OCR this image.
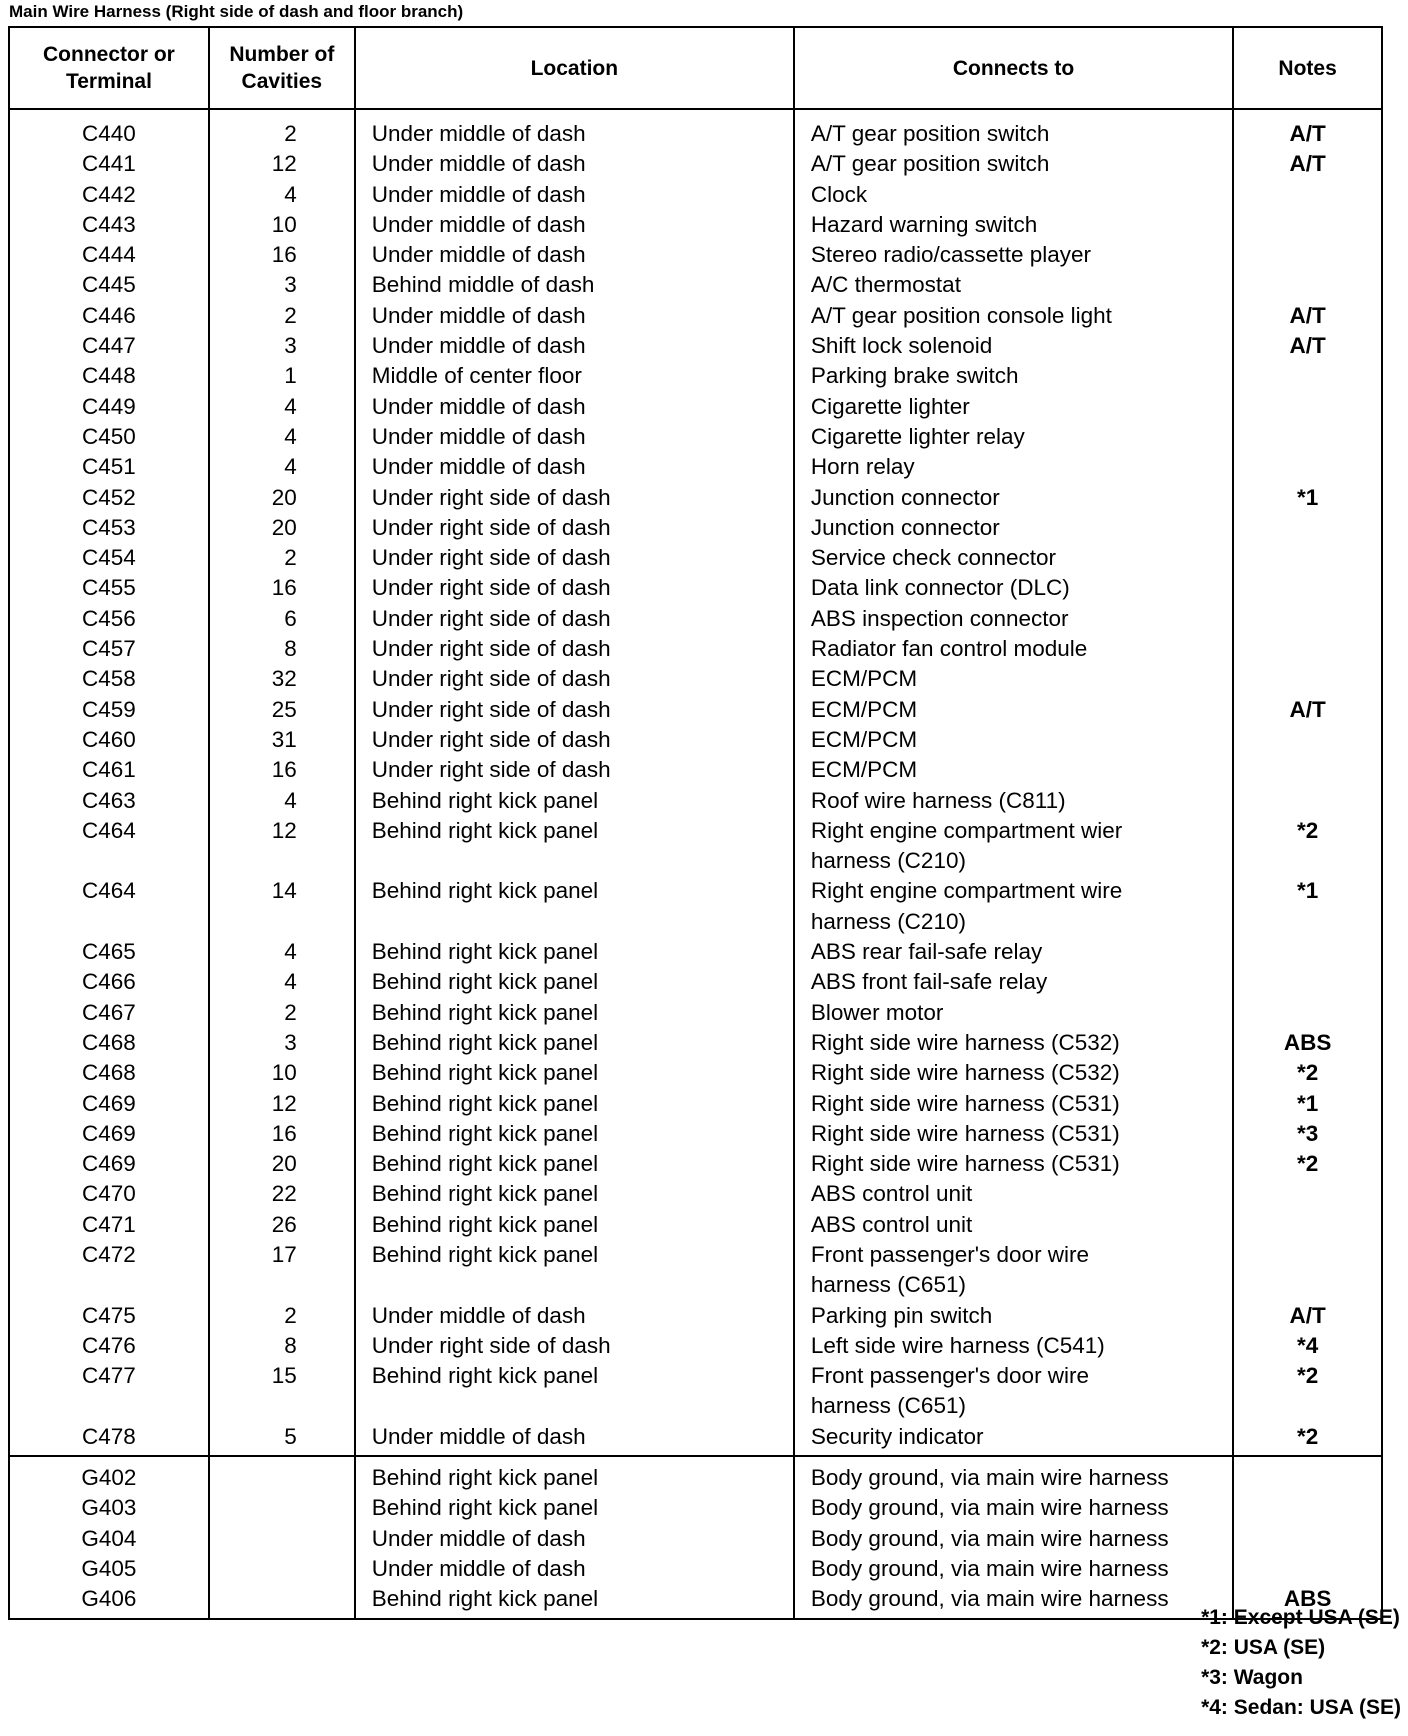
Main Wire Harness (Right side of dash and floor branch)
Connector or Terminal	Number of Cavities	Location	Connects to	Notes
C440	2	Under middle of dash	A/T gear position switch	A/T
C441	12	Under middle of dash	A/T gear position switch	A/T
C442	4	Under middle of dash	Clock	
C443	10	Under middle of dash	Hazard warning switch	
C444	16	Under middle of dash	Stereo radio/cassette player	
C445	3	Behind middle of dash	A/C thermostat	
C446	2	Under middle of dash	A/T gear position console light	A/T
C447	3	Under middle of dash	Shift lock solenoid	A/T
C448	1	Middle of center floor	Parking brake switch	
C449	4	Under middle of dash	Cigarette lighter	
C450	4	Under middle of dash	Cigarette lighter relay	
C451	4	Under middle of dash	Horn relay	
C452	20	Under right side of dash	Junction connector	*1
C453	20	Under right side of dash	Junction connector	
C454	2	Under right side of dash	Service check connector	
C455	16	Under right side of dash	Data link connector (DLC)	
C456	6	Under right side of dash	ABS inspection connector	
C457	8	Under right side of dash	Radiator fan control module	
C458	32	Under right side of dash	ECM/PCM	
C459	25	Under right side of dash	ECM/PCM	A/T
C460	31	Under right side of dash	ECM/PCM	
C461	16	Under right side of dash	ECM/PCM	
C463	4	Behind right kick panel	Roof wire harness (C811)	
C464	12	Behind right kick panel	Right engine compartment wier
harness (C210)	*2
C464	14	Behind right kick panel	Right engine compartment wire
harness (C210)	*1
C465	4	Behind right kick panel	ABS rear fail-safe relay	
C466	4	Behind right kick panel	ABS front fail-safe relay	
C467	2	Behind right kick panel	Blower motor	
C468	3	Behind right kick panel	Right side wire harness (C532)	ABS
C468	10	Behind right kick panel	Right side wire harness (C532)	*2
C469	12	Behind right kick panel	Right side wire harness (C531)	*1
C469	16	Behind right kick panel	Right side wire harness (C531)	*3
C469	20	Behind right kick panel	Right side wire harness (C531)	*2
C470	22	Behind right kick panel	ABS control unit	
C471	26	Behind right kick panel	ABS control unit	
C472	17	Behind right kick panel	Front passenger's door wire
harness (C651)	
C475	2	Under middle of dash	Parking pin switch	A/T
C476	8	Under right side of dash	Left side wire harness (C541)	*4
C477	15	Behind right kick panel	Front passenger's door wire
harness (C651)	*2
C478	5	Under middle of dash	Security indicator	*2
G402		Behind right kick panel	Body ground, via main wire harness	
G403		Behind right kick panel	Body ground, via main wire harness	
G404		Under middle of dash	Body ground, via main wire harness	
G405		Under middle of dash	Body ground, via main wire harness	
G406		Behind right kick panel	Body ground, via main wire harness	ABS
*1: Except USA (SE)
*2: USA (SE)
*3: Wagon
*4: Sedan: USA (SE)
